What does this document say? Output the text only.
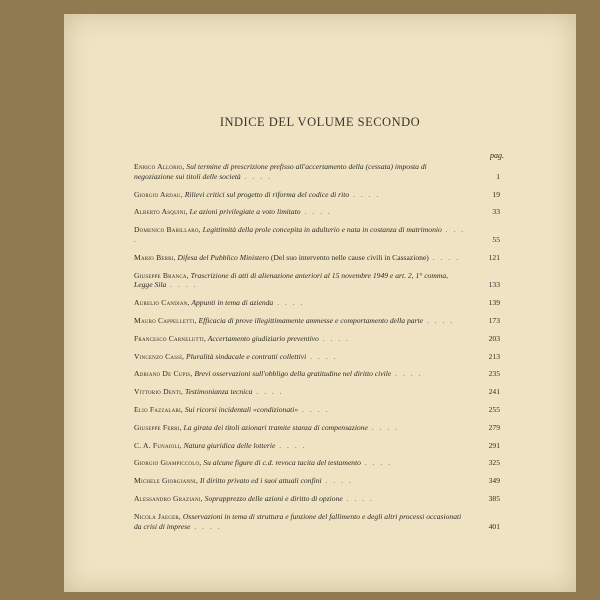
INDICE DEL VOLUME SECONDO
pag.
Enrico Allorio, Sul termine di prescrizione prefisso all'accertamento della (cessata) imposta di negoziazione sui titoli delle società . . . .	1
Giorgio Ardau, Rilievi critici sul progetto di riforma del codice di rito . . . .	19
Alberto Asquini, Le azioni privilegiate a voto limitato . . . .	33
Domenico Barillaro, Legittimità della prole concepita in adulterio e nata in costanza di matrimonio . . . .	55
Mario Berri, Difesa del Pubblico Ministero (Del suo intervento nelle cause civili in Cassazione) . . . .	121
Giuseppe Branca, Trascrizione di atti di alienazione anteriori al 15 novembre 1949 e art. 2, 1° comma, Legge Sila . . . .	133
Aurelio Candian, Appunti in tema di azienda . . . .	139
Mauro Cappelletti, Efficacia di prove illegittimamente ammesse e comportamento della parte . . . .	173
Francesco Carnelutti, Accertamento giudiziario preventivo . . . .	203
Vincenzo Cassì, Pluralità sindacale e contratti collettivi . . . .	213
Adriano De Cupis, Brevi osservazioni sull'obbligo della gratitudine nel diritto civile . . . .	235
Vittorio Denti, Testimonianza tecnica . . . .	241
Elio Fazzalari, Sui ricorsi incidentali «condizionati» . . . .	255
Giuseppe Ferri, La girata dei titoli azionari tramite stanza di compensazione . . . .	279
C. A. Funaioli, Natura giuridica delle lotterie . . . .	291
Giorgio Giampiccolo, Su alcune figure di c.d. revoca tacita del testamento . . . .	325
Michele Giorgianni, Il diritto privato ed i suoi attuali confini . . . .	349
Alessandro Graziani, Soprapprezzo delle azioni e diritto di opzione . . . .	385
Nicola Jaeger, Osservazioni in tema di struttura e funzione del fallimento e degli altri processi occasionati da crisi di imprese . . . .	401
